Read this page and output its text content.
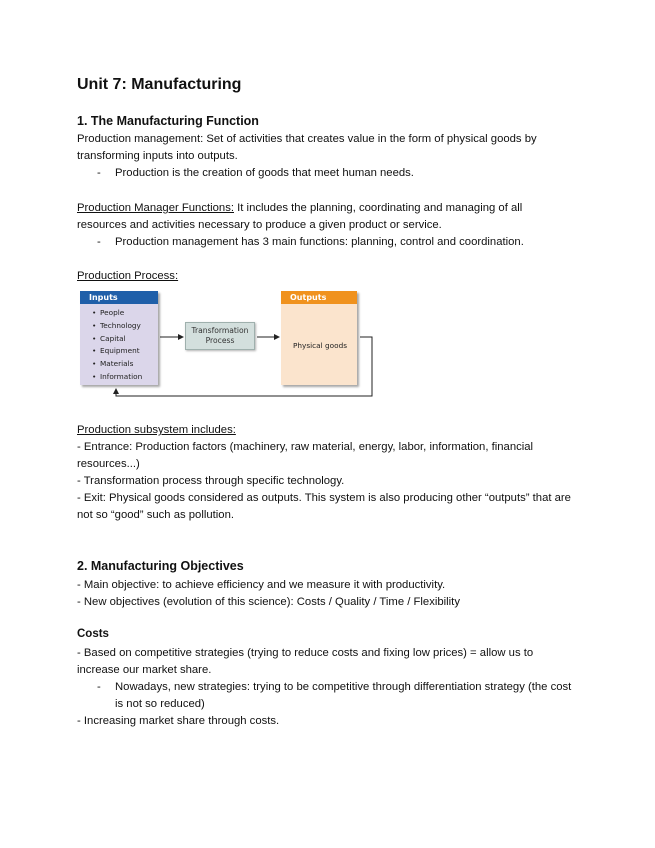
Unit 7: Manufacturing
1. The Manufacturing Function

Production management: Set of activities that creates value in the form of physical goods by transforming inputs into outputs.

- Production is the creation of goods that meet human needs.

Production Manager Functions: It includes the planning, coordinating and managing of all resources and activities necessary to produce a given product or service.

- Production management has 3 main functions: planning, control and coordination.

Production Process:

Inputs
• People
• Technology
• Capital
• Equipment
• Materials
• Information
Transformation Process
Outputs
Physical goods

Production subsystem includes:

- Entrance: Production factors (machinery, raw material, energy, labor, information, financial resources...)

- Transformation process through specific technology.

- Exit: Physical goods considered as outputs. This system is also producing other “outputs” that are not so “good” such as pollution.

2. Manufacturing Objectives

- Main objective: to achieve efficiency and we measure it with productivity.

- New objectives (evolution of this science): Costs / Quality / Time / Flexibility

Costs

- Based on competitive strategies (trying to reduce costs and fixing low prices) = allow us to increase our market share.

- Nowadays, new strategies: trying to be competitive through differentiation strategy (the cost is not so reduced)

- Increasing market share through costs.
